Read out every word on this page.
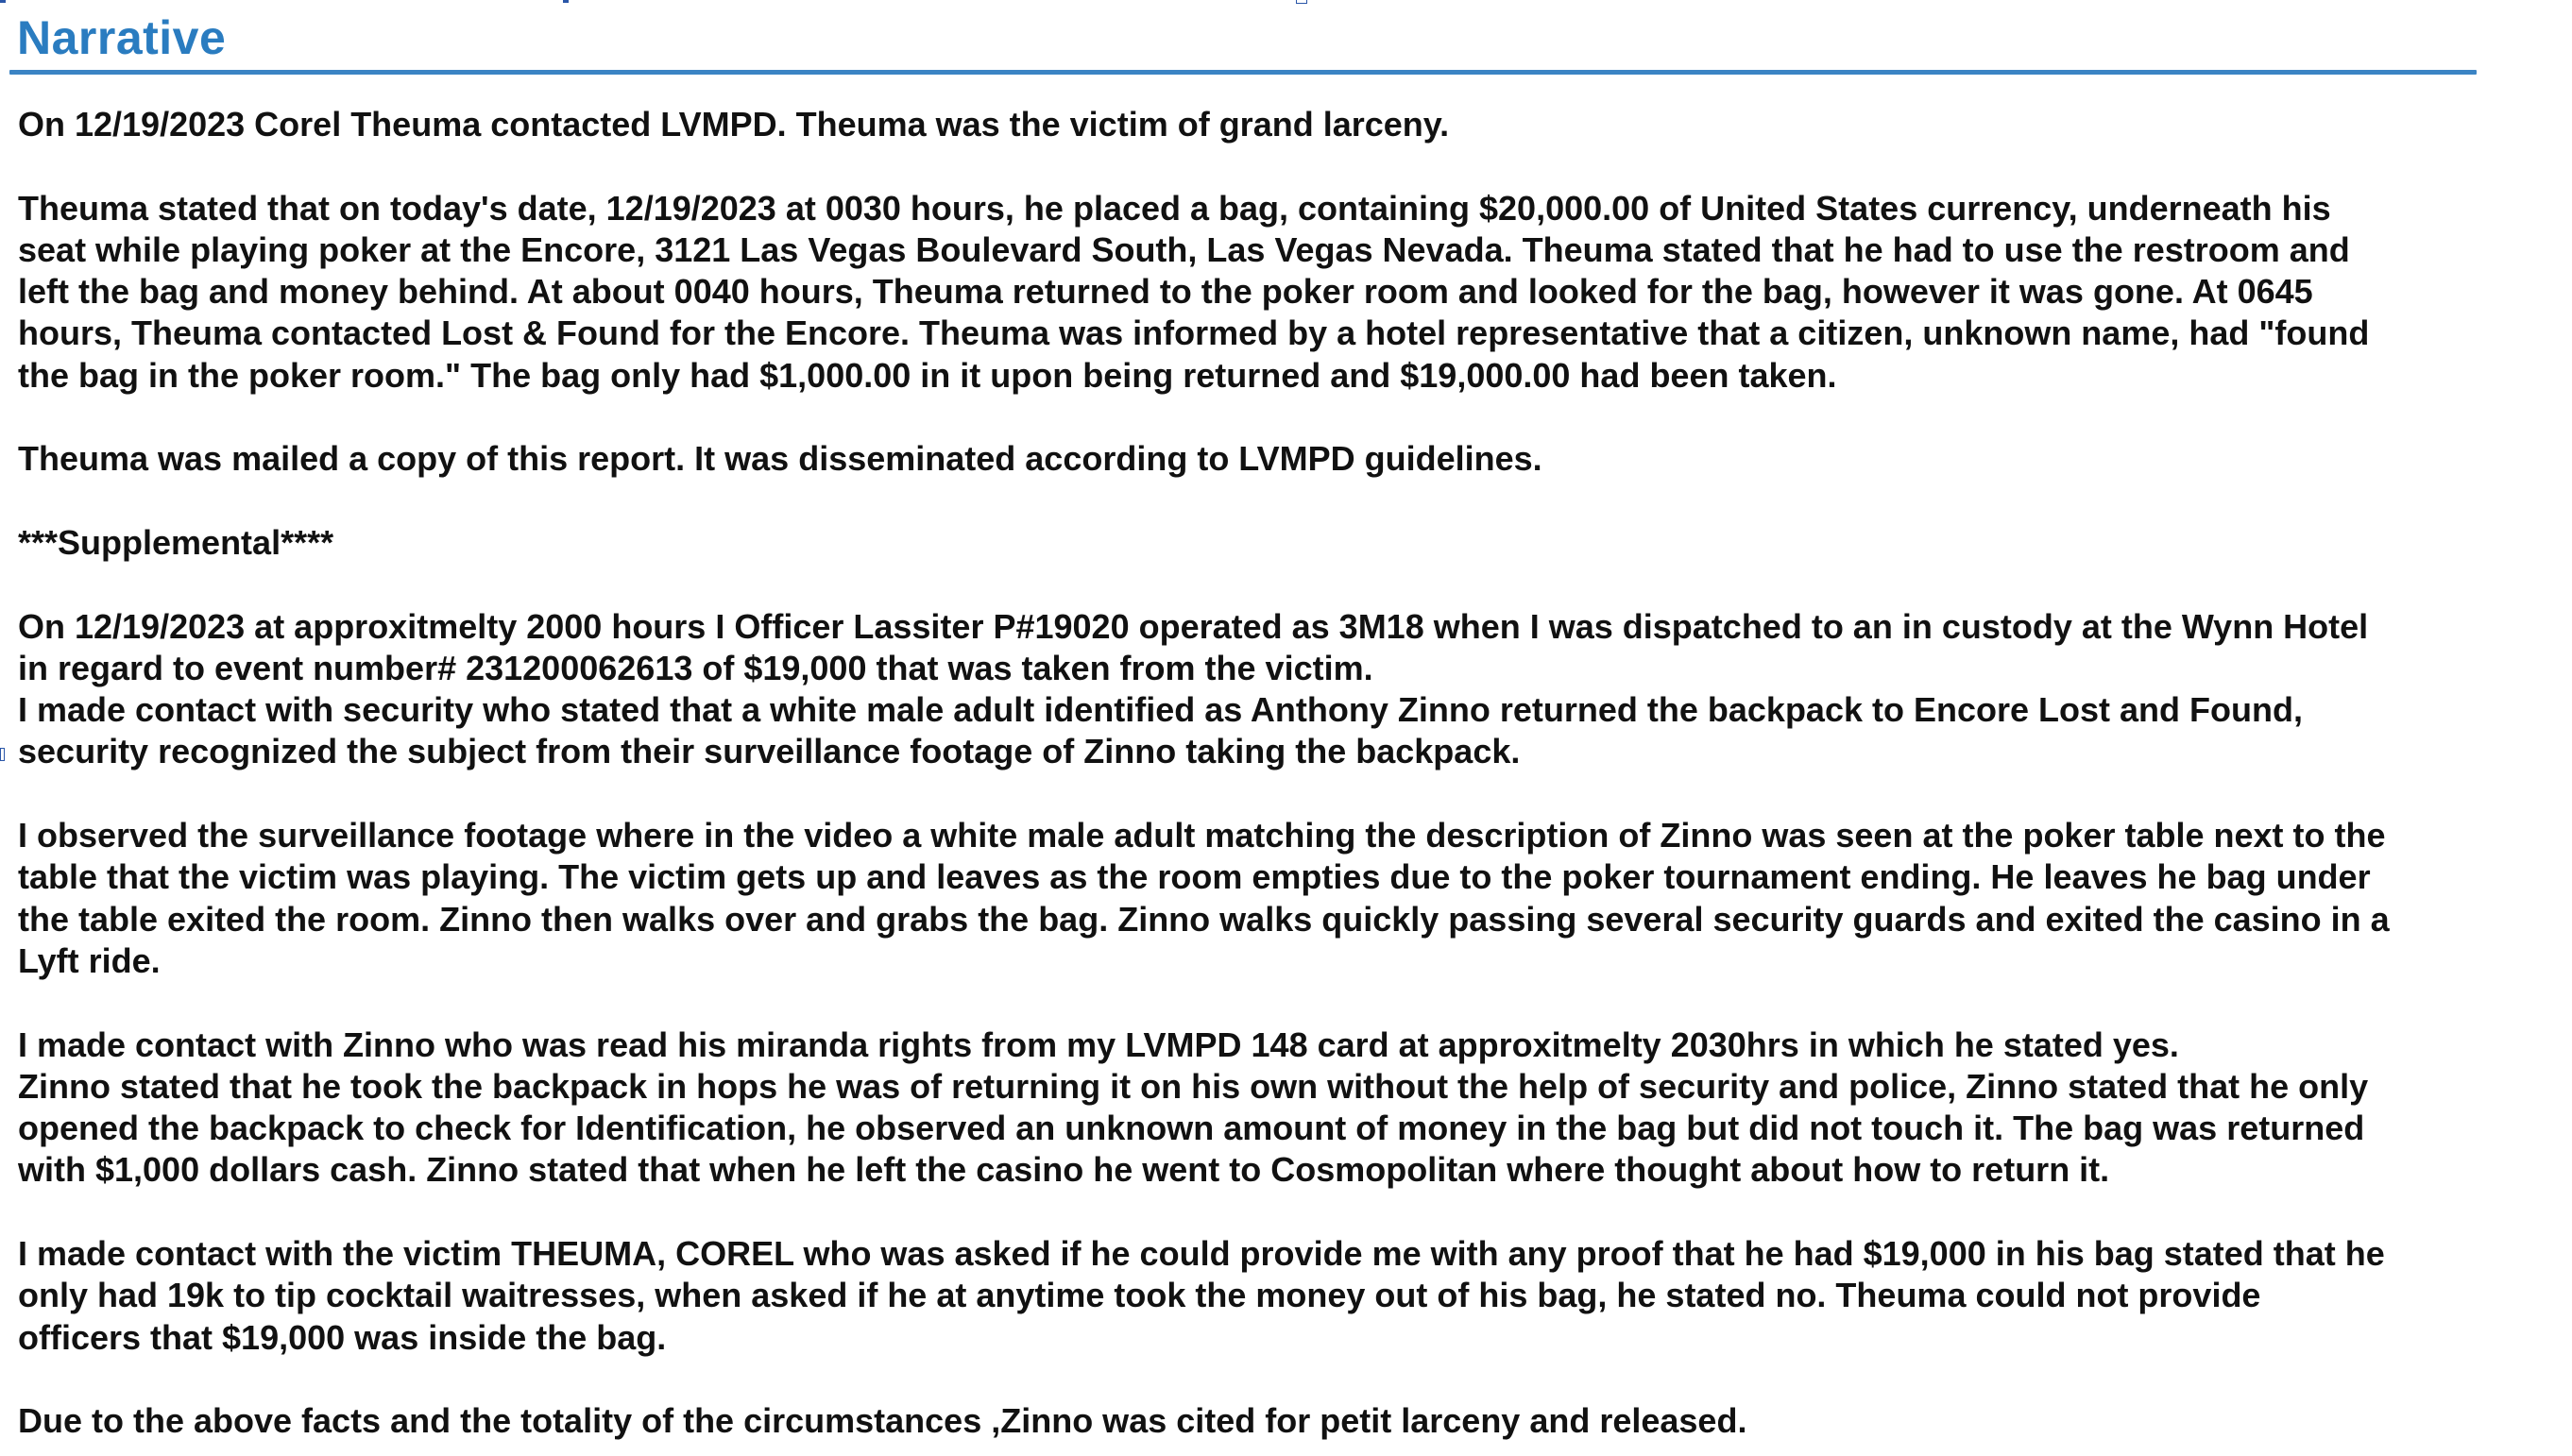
Narrative

On 12/19/2023 Corel Theuma contacted LVMPD. Theuma was the victim of grand larceny.

Theuma stated that on today's date, 12/19/2023 at 0030 hours, he placed a bag, containing $20,000.00 of United States currency, underneath his
seat while playing poker at the Encore, 3121 Las Vegas Boulevard South, Las Vegas Nevada. Theuma stated that he had to use the restroom and
left the bag and money behind. At about 0040 hours, Theuma returned to the poker room and looked for the bag, however it was gone. At 0645
hours, Theuma contacted Lost & Found for the Encore. Theuma was informed by a hotel representative that a citizen, unknown name, had "found
the bag in the poker room." The bag only had $1,000.00 in it upon being returned and $19,000.00 had been taken.

Theuma was mailed a copy of this report. It was disseminated according to LVMPD guidelines.

***Supplemental****

On 12/19/2023 at approxitmelty 2000 hours I Officer Lassiter P#19020 operated as 3M18 when I was dispatched to an in custody at the Wynn Hotel
in regard to event number# 231200062613 of $19,000 that was taken from the victim.
I made contact with security who stated that a white male adult identified as Anthony Zinno returned the backpack to Encore Lost and Found,
security recognized the subject from their surveillance footage of Zinno taking the backpack.

I observed the surveillance footage where in the video a white male adult matching the description of Zinno was seen at the poker table next to the
table that the victim was playing. The victim gets up and leaves as the room empties due to the poker tournament ending. He leaves he bag under
the table exited the room. Zinno then walks over and grabs the bag. Zinno walks quickly passing several security guards and exited the casino in a
Lyft ride.

I made contact with Zinno who was read his miranda rights from my LVMPD 148 card at approxitmelty 2030hrs in which he stated yes.
Zinno stated that he took the backpack in hops he was of returning it on his own without the help of security and police, Zinno stated that he only
opened the backpack to check for Identification, he observed an unknown amount of money in the bag but did not touch it. The bag was returned
with $1,000 dollars cash. Zinno stated that when he left the casino he went to Cosmopolitan where thought about how to return it.

I made contact with the victim THEUMA, COREL who was asked if he could provide me with any proof that he had $19,000 in his bag stated that he
only had 19k to tip cocktail waitresses, when asked if he at anytime took the money out of his bag, he stated no. Theuma could not provide
officers that $19,000 was inside the bag.

Due to the above facts and the totality of the circumstances ,Zinno was cited for petit larceny and released.
